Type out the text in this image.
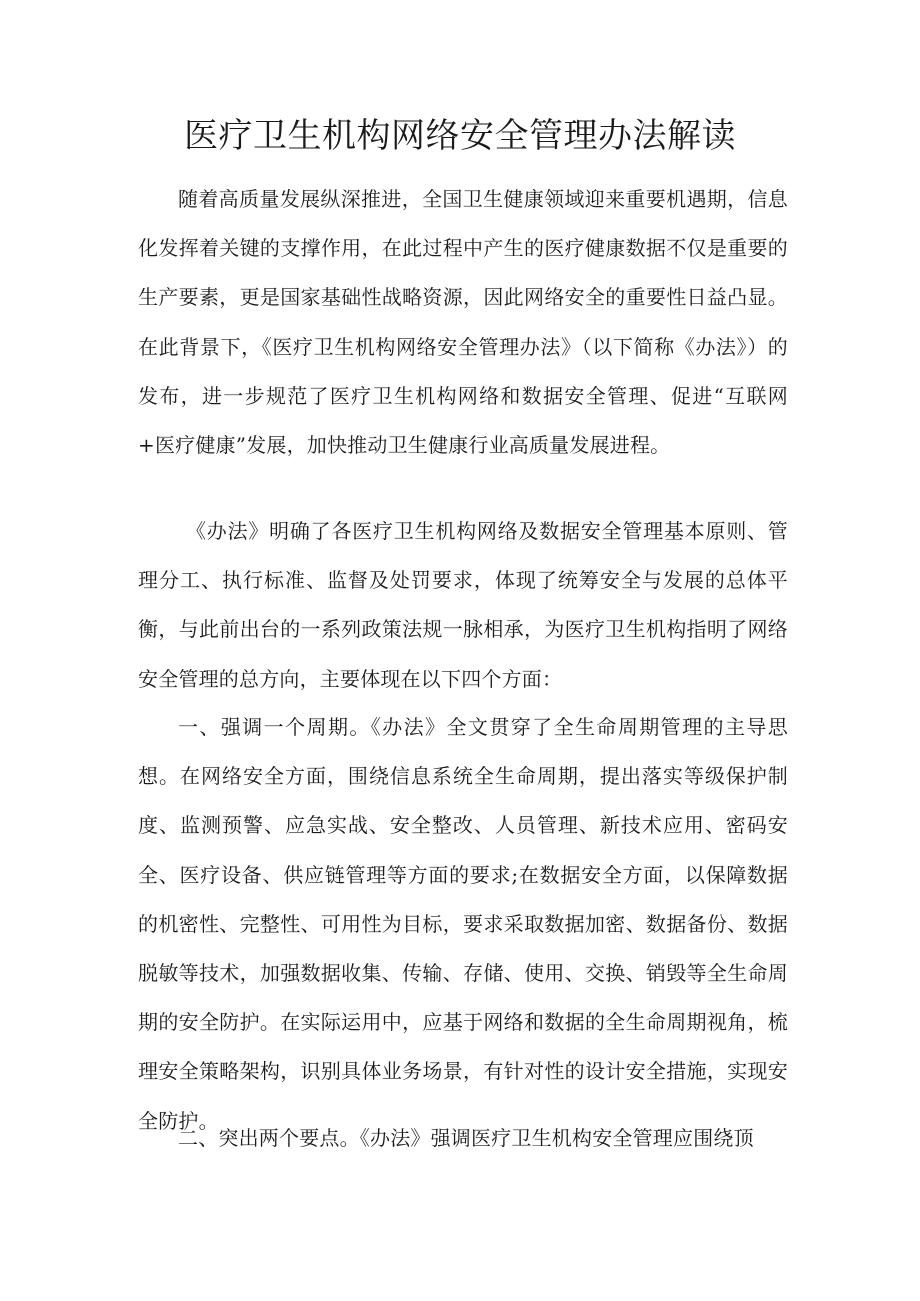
医疗卫生机构网络安全管理办法解读

随着高质量发展纵深推进，全国卫生健康领域迎来重要机遇期，信息化发挥着关键的支撑作用，在此过程中产生的医疗健康数据不仅是重要的生产要素，更是国家基础性战略资源，因此网络安全的重要性日益凸显。在此背景下，《医疗卫生机构网络安全管理办法》（以下简称《办法》）的发布，进一步规范了医疗卫生机构网络和数据安全管理、促进“互联网+医疗健康”发展，加快推动卫生健康行业高质量发展进程。

《办法》明确了各医疗卫生机构网络及数据安全管理基本原则、管理分工、执行标准、监督及处罚要求，体现了统筹安全与发展的总体平衡，与此前出台的一系列政策法规一脉相承，为医疗卫生机构指明了网络安全管理的总方向，主要体现在以下四个方面：

一、强调一个周期。《办法》全文贯穿了全生命周期管理的主导思想。在网络安全方面，围绕信息系统全生命周期，提出落实等级保护制度、监测预警、应急实战、安全整改、人员管理、新技术应用、密码安全、医疗设备、供应链管理等方面的要求;在数据安全方面，以保障数据的机密性、完整性、可用性为目标，要求采取数据加密、数据备份、数据脱敏等技术，加强数据收集、传输、存储、使用、交换、销毁等全生命周期的安全防护。在实际运用中，应基于网络和数据的全生命周期视角，梳理安全策略架构，识别具体业务场景，有针对性的设计安全措施，实现安全防护。

二、突出两个要点。《办法》强调医疗卫生机构安全管理应围绕顶
